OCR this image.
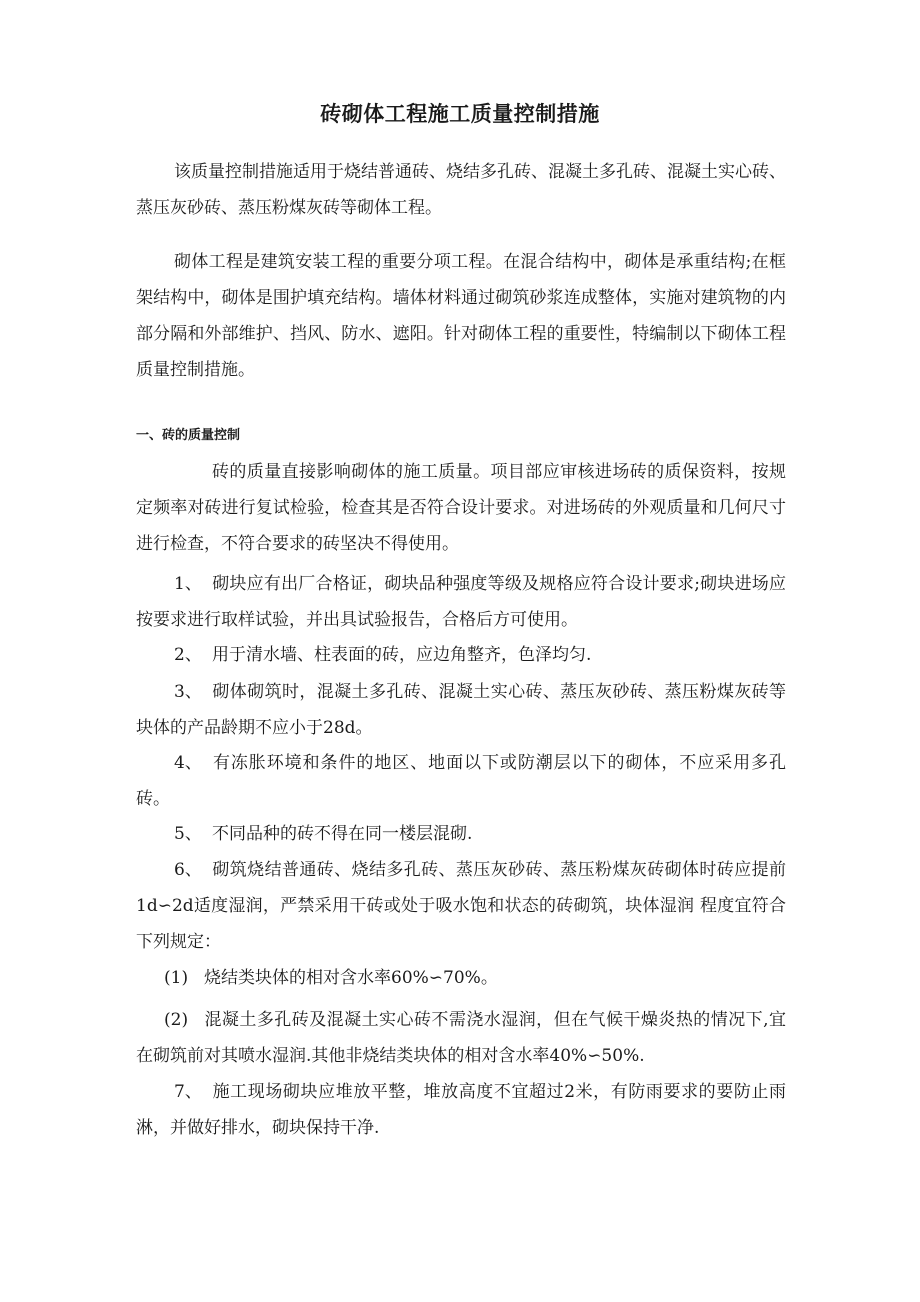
砖砌体工程施工质量控制措施

该质量控制措施适用于烧结普通砖、烧结多孔砖、混凝土多孔砖、混凝土实心砖、蒸压灰砂砖、蒸压粉煤灰砖等砌体工程。

砌体工程是建筑安装工程的重要分项工程。在混合结构中，砌体是承重结构;在框架结构中，砌体是围护填充结构。墙体材料通过砌筑砂浆连成整体，实施对建筑物的内部分隔和外部维护、挡风、防水、遮阳。针对砌体工程的重要性，特编制以下砌体工程质量控制措施。

一、砖的质量控制

砖的质量直接影响砌体的施工质量。项目部应审核进场砖的质保资料，按规定频率对砖进行复试检验，检查其是否符合设计要求。对进场砖的外观质量和几何尺寸进行检查，不符合要求的砖坚决不得使用。

1、 砌块应有出厂合格证，砌块品种强度等级及规格应符合设计要求;砌块进场应按要求进行取样试验，并出具试验报告，合格后方可使用。

2、 用于清水墙、柱表面的砖，应边角整齐，色泽均匀.

3、 砌体砌筑时，混凝土多孔砖、混凝土实心砖、蒸压灰砂砖、蒸压粉煤灰砖等块体的产品龄期不应小于28d。

4、 有冻胀环境和条件的地区、地面以下或防潮层以下的砌体，不应采用多孔砖。

5、 不同品种的砖不得在同一楼层混砌.

6、 砌筑烧结普通砖、烧结多孔砖、蒸压灰砂砖、蒸压粉煤灰砖砌体时砖应提前1d∽2d适度湿润，严禁采用干砖或处于吸水饱和状态的砖砌筑，块体湿润 程度宜符合下列规定：

(1) 烧结类块体的相对含水率60%∽70%。

(2) 混凝土多孔砖及混凝土实心砖不需浇水湿润，但在气候干燥炎热的情况下,宜在砌筑前对其喷水湿润.其他非烧结类块体的相对含水率40%∽50%.

7、 施工现场砌块应堆放平整，堆放高度不宜超过2米，有防雨要求的要防止雨淋，并做好排水，砌块保持干净.
